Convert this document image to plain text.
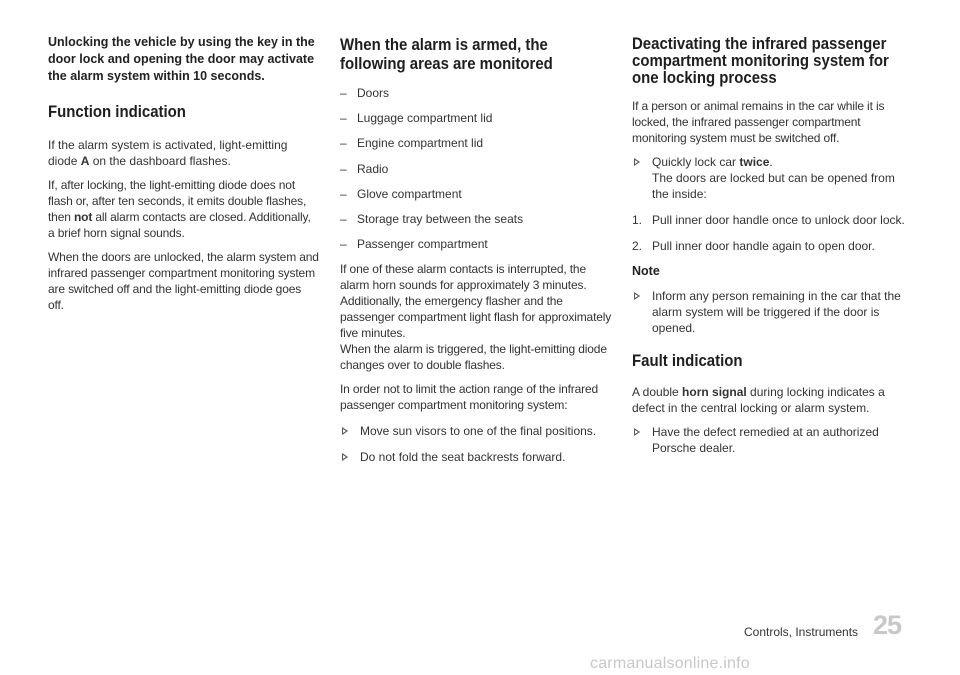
Unlocking the vehicle by using the key in the door lock and opening the door may activate the alarm system within 10 seconds.

Function indication

If the alarm system is activated, light-emitting diode A on the dashboard flashes.

If, after locking, the light-emitting diode does not flash or, after ten seconds, it emits double flashes, then not all alarm contacts are closed. Additionally, a brief horn signal sounds.

When the doors are unlocked, the alarm system and infrared passenger compartment monitoring system are switched off and the light-emitting diode goes off.

When the alarm is armed, the following areas are monitored
– Doors
– Luggage compartment lid
– Engine compartment lid
– Radio
– Glove compartment
– Storage tray between the seats
– Passenger compartment

If one of these alarm contacts is interrupted, the alarm horn sounds for approximately 3 minutes. Additionally, the emergency flasher and the passenger compartment light flash for approximately five minutes.

When the alarm is triggered, the light-emitting diode changes over to double flashes.

In order not to limit the action range of the infrared passenger compartment monitoring system:

Move sun visors to one of the final positions.
Do not fold the seat backrests forward.
Deactivating the infrared passenger compartment monitoring system for one locking process

If a person or animal remains in the car while it is locked, the infrared passenger compartment monitoring system must be switched off.

Quickly lock car twice.
The doors are locked but can be opened from the inside:
1. Pull inner door handle once to unlock door lock.
2. Pull inner door handle again to open door.
Note
Inform any person remaining in the car that the alarm system will be triggered if the door is opened.
Fault indication

A double horn signal during locking indicates a defect in the central locking or alarm system.

Have the defect remedied at an authorized Porsche dealer.
Controls, Instruments 25
carmanualsonline.info
